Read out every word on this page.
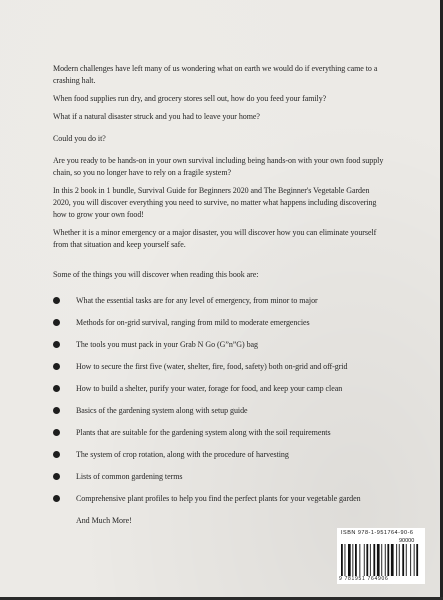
Modern challenges have left many of us wondering what on earth we would do if everything came to a crashing halt.

When food supplies run dry, and grocery stores sell out, how do you feed your family?

What if a natural disaster struck and you had to leave your home?

Could you do it?

Are you ready to be hands-on in your own survival including being hands-on with your own food supply chain, so you no longer have to rely on a fragile system?

In this 2 book in 1 bundle, Survival Guide for Beginners 2020 and The Beginner's Vegetable Garden 2020, you will discover everything you need to survive, no matter what happens including discovering how to grow your own food!

Whether it is a minor emergency or a major disaster, you will discover how you can eliminate yourself from that situation and keep yourself safe.

Some of the things you will discover when reading this book are:

What the essential tasks are for any level of emergency, from minor to major
Methods for on-grid survival, ranging from mild to moderate emergencies
The tools you must pack in your Grab N Go (G”n”G) bag
How to secure the first five (water, shelter, fire, food, safety) both on-grid and off-grid
How to build a shelter, purify your water, forage for food, and keep your camp clean
Basics of the gardening system along with setup guide
Plants that are suitable for the gardening system along with the soil requirements
The system of crop rotation, along with the procedure of harvesting
Lists of common gardening terms
Comprehensive plant profiles to help you find the perfect plants for your vegetable garden
And Much More!
ISBN 978-1-951764-90-6
90000
9 781951 764906
